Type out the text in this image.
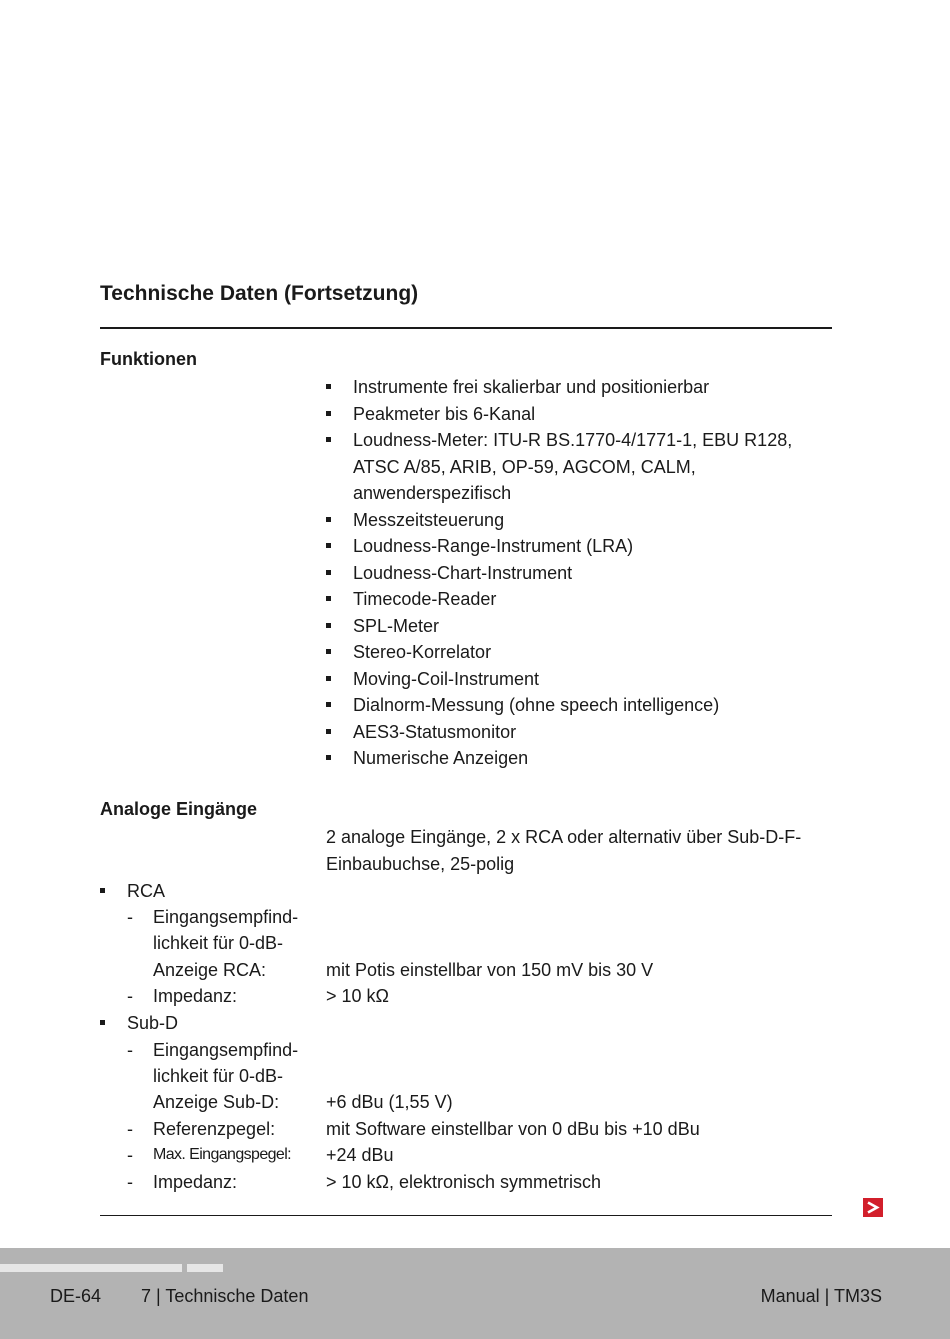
Technische Daten (Fortsetzung)
Funktionen
Instrumente frei skalierbar und positionierbar
Peakmeter bis 6-Kanal
Loudness-Meter: ITU-R BS.1770-4/1771-1, EBU R128, ATSC A/85, ARIB, OP-59, AGCOM, CALM, anwenderspezifisch
Messzeitsteuerung
Loudness-Range-Instrument (LRA)
Loudness-Chart-Instrument
Timecode-Reader
SPL-Meter
Stereo-Korrelator
Moving-Coil-Instrument
Dialnorm-Messung (ohne speech intelligence)
AES3-Statusmonitor
Numerische Anzeigen
Analoge Eingänge

2 analoge Eingänge, 2 x RCA oder alternativ über Sub-D-F-Einbaubuchse, 25-polig

RCA
- Eingangsempfind-
lichkeit für 0-dB-
Anzeige RCA:	mit Potis einstellbar von 150 mV bis 30 V
- Impedanz:	> 10 kΩ
Sub-D
- Eingangsempfind-
lichkeit für 0-dB-
Anzeige Sub-D:	+6 dBu (1,55 V)
- Referenzpegel:	mit Software einstellbar von 0 dBu bis +10 dBu
- Max. Eingangspegel: +24 dBu
- Impedanz:	> 10 kΩ, elektronisch symmetrisch
DE-64 7 | Technische Daten	Manual | TM3S
